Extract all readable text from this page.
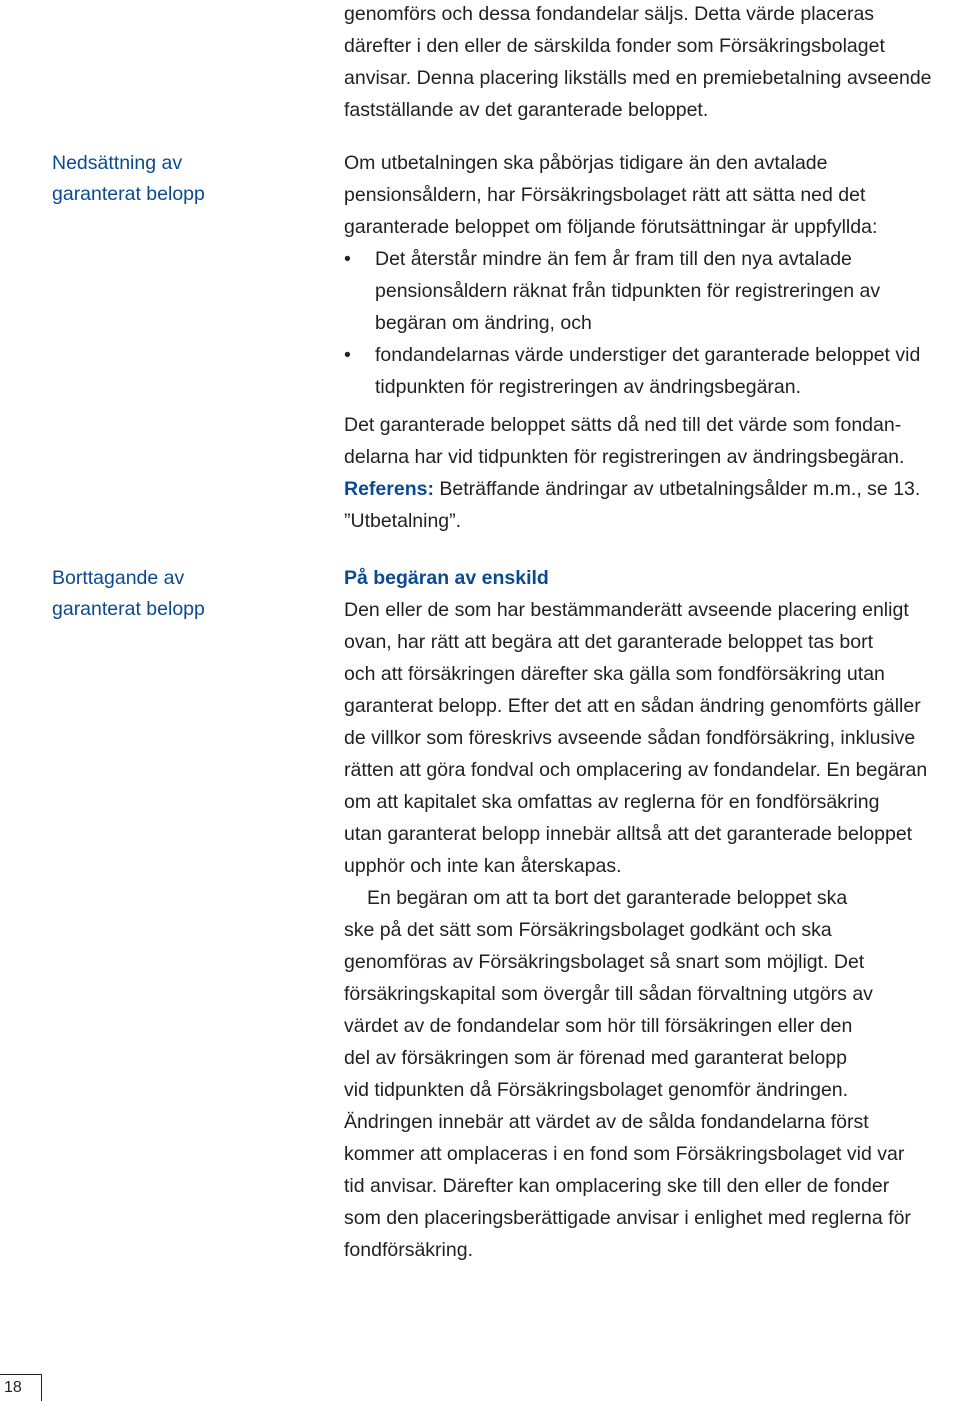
genomförs och dessa fondandelar säljs. Detta värde placeras
därefter i den eller de särskilda fonder som Försäkringsbolaget
anvisar. Denna placering likställs med en premiebetalning avseende
fastställande av det garanterade beloppet.
Nedsättning av
garanterat belopp
Om utbetalningen ska påbörjas tidigare än den avtalade
pensionsåldern, har Försäkringsbolaget rätt att sätta ned det
garanterade beloppet om följande förutsättningar är uppfyllda:
•	Det återstår mindre än fem år fram till den nya avtalade
pensionsåldern räknat från tidpunkten för registreringen av
begäran om ändring, och
•	fondandelarnas värde understiger det garanterade beloppet vid
tidpunkten för registreringen av ändringsbegäran.
Det garanterade beloppet sätts då ned till det värde som fondan-
delarna har vid tidpunkten för registreringen av ändringsbegäran.
Referens: Beträffande ändringar av utbetalningsålder m.m., se 13.
”Utbetalning”.
Borttagande av
garanterat belopp
På begäran av enskild
Den eller de som har bestämmanderätt avseende placering enligt
ovan, har rätt att begära att det garanterade beloppet tas bort
och att försäkringen därefter ska gälla som fondförsäkring utan
garanterat belopp. Efter det att en sådan ändring genomförts gäller
de villkor som föreskrivs avseende sådan fondförsäkring, inklusive
rätten att göra fondval och omplacering av fondandelar. En begäran
om att kapitalet ska omfattas av reglerna för en fondförsäkring
utan garanterat belopp innebär alltså att det garanterade beloppet
upphör och inte kan återskapas.
En begäran om att ta bort det garanterade beloppet ska
ske på det sätt som Försäkringsbolaget godkänt och ska
genomföras av Försäkringsbolaget så snart som möjligt. Det
försäkringskapital som övergår till sådan förvaltning utgörs av
värdet av de fondandelar som hör till försäkringen eller den
del av försäkringen som är förenad med garanterat belopp
vid tidpunkten då Försäkringsbolaget genomför ändringen.
Ändringen innebär att värdet av de sålda fondandelarna först
kommer att omplaceras i en fond som Försäkringsbolaget vid var
tid anvisar. Därefter kan omplacering ske till den eller de fonder
som den placeringsberättigade anvisar i enlighet med reglerna för
fondförsäkring.
18
